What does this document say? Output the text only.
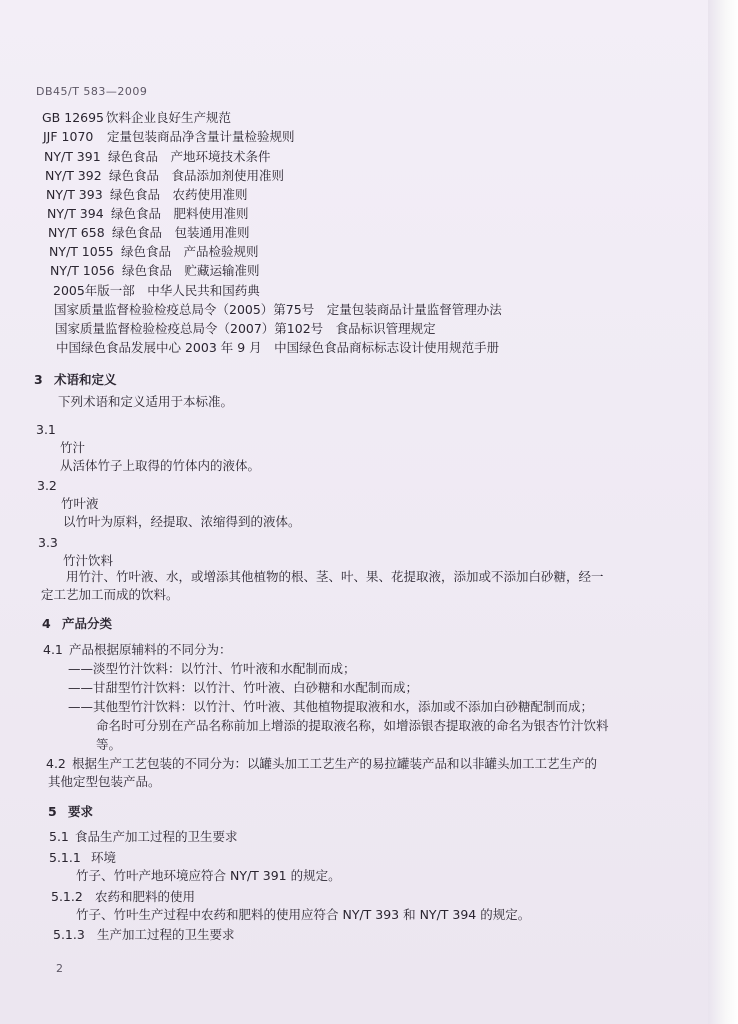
DB45/T 583—2009
GB 12695 饮料企业良好生产规范
JJF 1070 定量包装商品净含量计量检验规则
NY/T 391 绿色食品　产地环境技术条件
NY/T 392 绿色食品　食品添加剂使用准则
NY/T 393 绿色食品　农药使用准则
NY/T 394 绿色食品　肥料使用准则
NY/T 658 绿色食品　包装通用准则
NY/T 1055 绿色食品　产品检验规则
NY/T 1056 绿色食品　贮藏运输准则
2005年版一部　中华人民共和国药典
国家质量监督检验检疫总局令（2005）第75号　定量包装商品计量监督管理办法
国家质量监督检验检疫总局令（2007）第102号　食品标识管理规定
中国绿色食品发展中心 2003 年 9 月　中国绿色食品商标标志设计使用规范手册
3 术语和定义
下列术语和定义适用于本标准。
3.1
竹汁
从活体竹子上取得的竹体内的液体。
3.2
竹叶液
以竹叶为原料，经提取、浓缩得到的液体。
3.3
竹汁饮料
用竹汁、竹叶液、水，或增添其他植物的根、茎、叶、果、花提取液，添加或不添加白砂糖，经一
定工艺加工而成的饮料。
4 产品分类
4.1 产品根据原辅料的不同分为：
——淡型竹汁饮料：以竹汁、竹叶液和水配制而成；
——甘甜型竹汁饮料：以竹汁、竹叶液、白砂糖和水配制而成；
——其他型竹汁饮料：以竹汁、竹叶液、其他植物提取液和水，添加或不添加白砂糖配制而成；
命名时可分别在产品名称前加上增添的提取液名称，如增添银杏提取液的命名为银杏竹汁饮料
等。
4.2 根据生产工艺包装的不同分为：以罐头加工工艺生产的易拉罐装产品和以非罐头加工工艺生产的
其他定型包装产品。
5 要求
5.1 食品生产加工过程的卫生要求
5.1.1 环境
竹子、竹叶产地环境应符合 NY/T 391 的规定。
5.1.2 农药和肥料的使用
竹子、竹叶生产过程中农药和肥料的使用应符合 NY/T 393 和 NY/T 394 的规定。
5.1.3 生产加工过程的卫生要求
2
